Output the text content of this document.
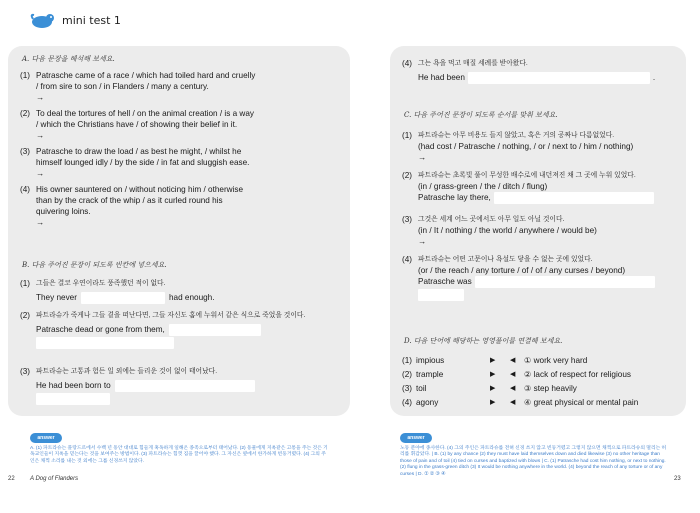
mini test 1
A. 다음 문장을 해석해 보세요.
(1) Patrasche came of a race / which had toiled hard and cruelly
/ from sire to son / in Flanders / many a century.
→
(2) To deal the tortures of hell / on the animal creation / is a way
/ which the Christians have / of showing their belief in it.
→
(3) Patrasche to draw the load / as best he might, / whilst he
himself lounged idly / by the side / in fat and sluggish ease.
→
(4) His owner sauntered on / without noticing him / otherwise
than by the crack of the whip / as it curled round his
quivering loins.
→
B. 다음 주어진 문장이 되도록 빈칸에 넣으세요.
(1) 그들은 결코 우연이라도 풍족했던 적이 없다.
They never	had enough.
(2) 파트라슈가 죽게나 그들 곁을 떠난다면, 그들 자신도 홈에 누워서 같은 식으로 죽었을 것이다.
Patrasche dead or gone from them,
(3) 파트라슈는 고통과 험든 일 외에는 들리운 것이 없이 태어났다.
He had been born to
answer
A. (1) 파트라슈는 플랑드르에서 수백 년 동안 대대로 힘들게 혹독하게 일해온 종족으로부터 태어났다. (2) 동물에게 지옥같은 고통을 주는 것은 기독교인들이 지옥을 믿는다는 것을 보여주는 방법이다. (3) 파트라슈는 힘껏 짐을 끌어야 했다. 그 자신은 옆에서 한가하게 빈둥거렸다. (4) 그의 주인은 채찍 소리를 내는 것 외에는 그를 신경쓰지 않았다.
22	A Dog of Flanders
(4) 그는 욕을 먹고 매질 세례를 받아왔다.
He had been	.
C. 다음 주어진 문장이 되도록 순서를 맞춰 보세요.
(1) 파트라슈는 아무 비용도 들지 않았고, 혹은 거의 공짜나 다름없었다.
(had cost / Patrasche / nothing, / or / next to / him / nothing)
→
(2) 파트라슈는 초록빛 풀이 무성한 배수로에 내던져진 채 그 곳에 누워 있었다.
(in / grass-green / the / ditch / flung)
Patrasche lay there,
(3) 그것은 세계 어느 곳에서도 아무 일도 아닐 것이다.
(in / It / nothing / the world / anywhere / would be)
→
(4) 파트라슈는 어떤 고문이나 욕설도 닿을 수 없는 곳에 있었다.
(or / the reach / any torture / of / of / any curses / beyond)
Patrasche was
D. 다음 단어에 해당하는 영영풀이를 연결해 보세요.
(1) impious	▶	◀	① work very hard
(2) trample	▶	◀	② lack of respect for religious
(3) toil	▶	◀	③ step heavily
(4) agony	▶	◀	④ great physical or mental pain
answer
노동 분야에 종사한다. (4) 그의 주인은 파트라슈를 전혀 신경 쓰지 않고 빈둥거렸고 그렇지 않으면 채찍으로 파트라슈의 떨리는 허리를 휘감았다. | B. (1) by any chance (2) they must have laid themselves down and died likewise (3) no other heritage than those of pain and of toil (4) tied on curses and baptized with blows | C. (1) Patrasche had cost him nothing, or next to nothing. (2) flung in the grass-green ditch (3) It would be nothing anywhere in the world. (4) beyond the reach of any torture or of any curses | D. ① ② ③ ④
23
